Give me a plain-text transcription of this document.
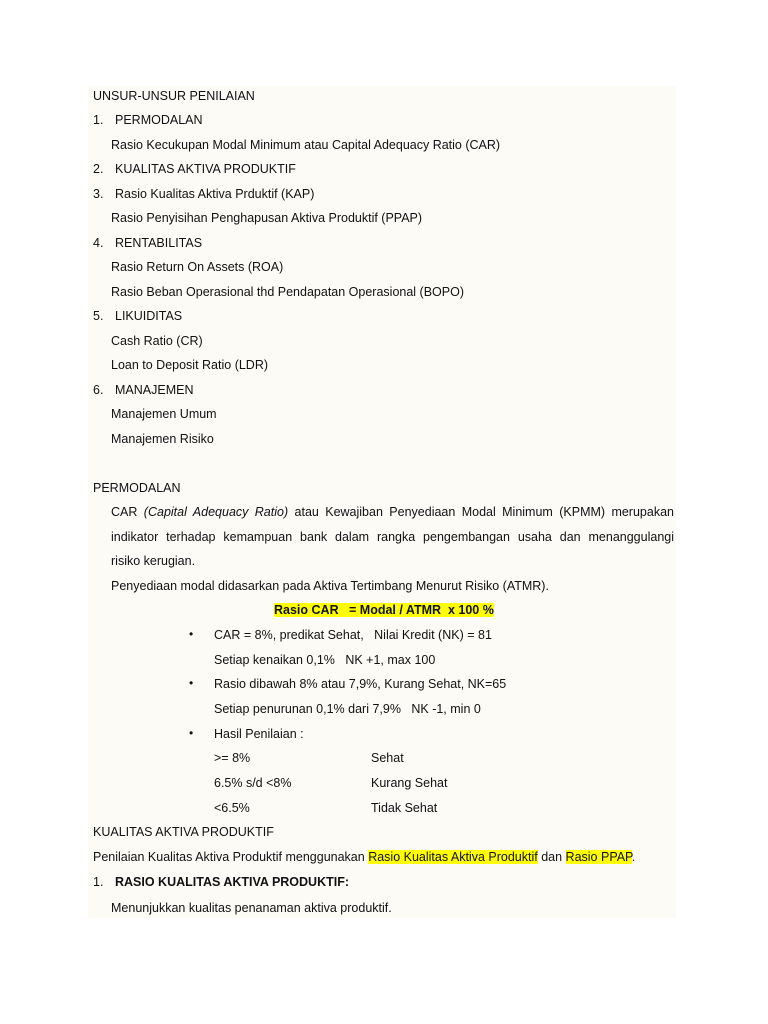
UNSUR-UNSUR PENILAIAN
1. PERMODALAN
Rasio Kecukupan Modal Minimum atau Capital Adequacy Ratio (CAR)
2. KUALITAS AKTIVA PRODUKTIF
3. Rasio Kualitas Aktiva Prduktif (KAP)
Rasio Penyisihan Penghapusan Aktiva Produktif (PPAP)
4. RENTABILITAS
Rasio Return On Assets (ROA)
Rasio Beban Operasional thd Pendapatan Operasional (BOPO)
5. LIKUIDITAS
Cash Ratio (CR)
Loan to Deposit Ratio (LDR)
6. MANAJEMEN
Manajemen Umum
Manajemen Risiko
PERMODALAN
CAR (Capital Adequacy Ratio) atau Kewajiban Penyediaan Modal Minimum (KPMM) merupakan
indikator terhadap kemampuan bank dalam rangka pengembangan usaha dan menanggulangi
risiko kerugian.
Penyediaan modal didasarkan pada Aktiva Tertimbang Menurut Risiko (ATMR).
Rasio CAR   = Modal / ATMR  x 100 %
• CAR = 8%, predikat Sehat,   Nilai Kredit (NK) = 81
Setiap kenaikan 0,1%   NK +1, max 100
• Rasio dibawah 8% atau 7,9%, Kurang Sehat, NK=65
Setiap penurunan 0,1% dari 7,9%   NK -1, min 0
• Hasil Penilaian :
>= 8%	Sehat
6.5% s/d <8%	Kurang Sehat
<6.5%	Tidak Sehat
KUALITAS AKTIVA PRODUKTIF
Penilaian Kualitas Aktiva Produktif menggunakan Rasio Kualitas Aktiva Produktif dan Rasio PPAP.
1. RASIO KUALITAS AKTIVA PRODUKTIF:
Menunjukkan kualitas penanaman aktiva produktif.
